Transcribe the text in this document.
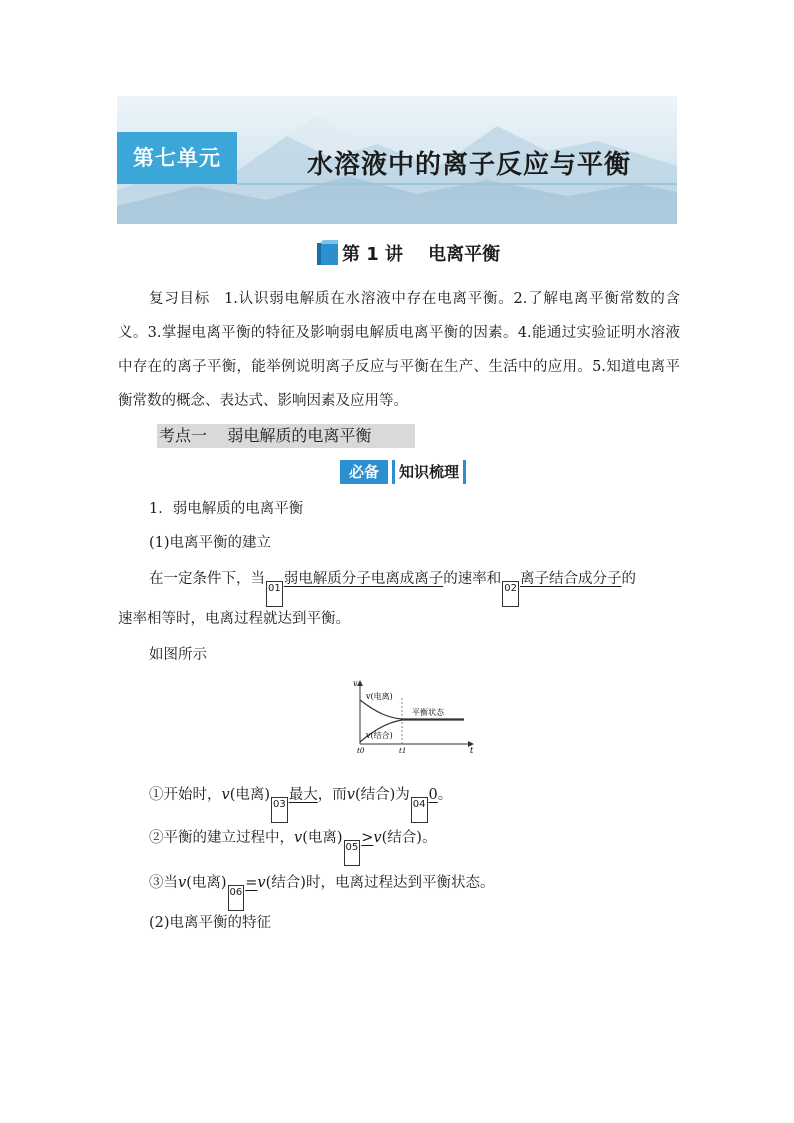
第七单元	水溶液中的离子反应与平衡
第 1 讲    电离平衡
复习目标 1.认识弱电解质在水溶液中存在电离平衡。2.了解电离平衡常数的含义。3.掌握电离平衡的特征及影响弱电解质电离平衡的因素。4.能通过实验证明水溶液中存在的离子平衡，能举例说明离子反应与平衡在生产、生活中的应用。5.知道电离平衡常数的概念、表达式、影响因素及应用等。
考点一    弱电解质的电离平衡
必备	知识梳理
1．弱电解质的电离平衡
(1)电离平衡的建立
在一定条件下，当01弱电解质分子电离成离子的速率和02离子结合成分子的
速率相等时，电离过程就达到平衡。
如图所示
v
t
t0	t1
v(电离)
v(结合)
平衡状态
①开始时，v(电离)03最大，而v(结合)为040。
②平衡的建立过程中，v(电离)05>v(结合)。
③当v(电离)06=v(结合)时，电离过程达到平衡状态。
(2)电离平衡的特征
